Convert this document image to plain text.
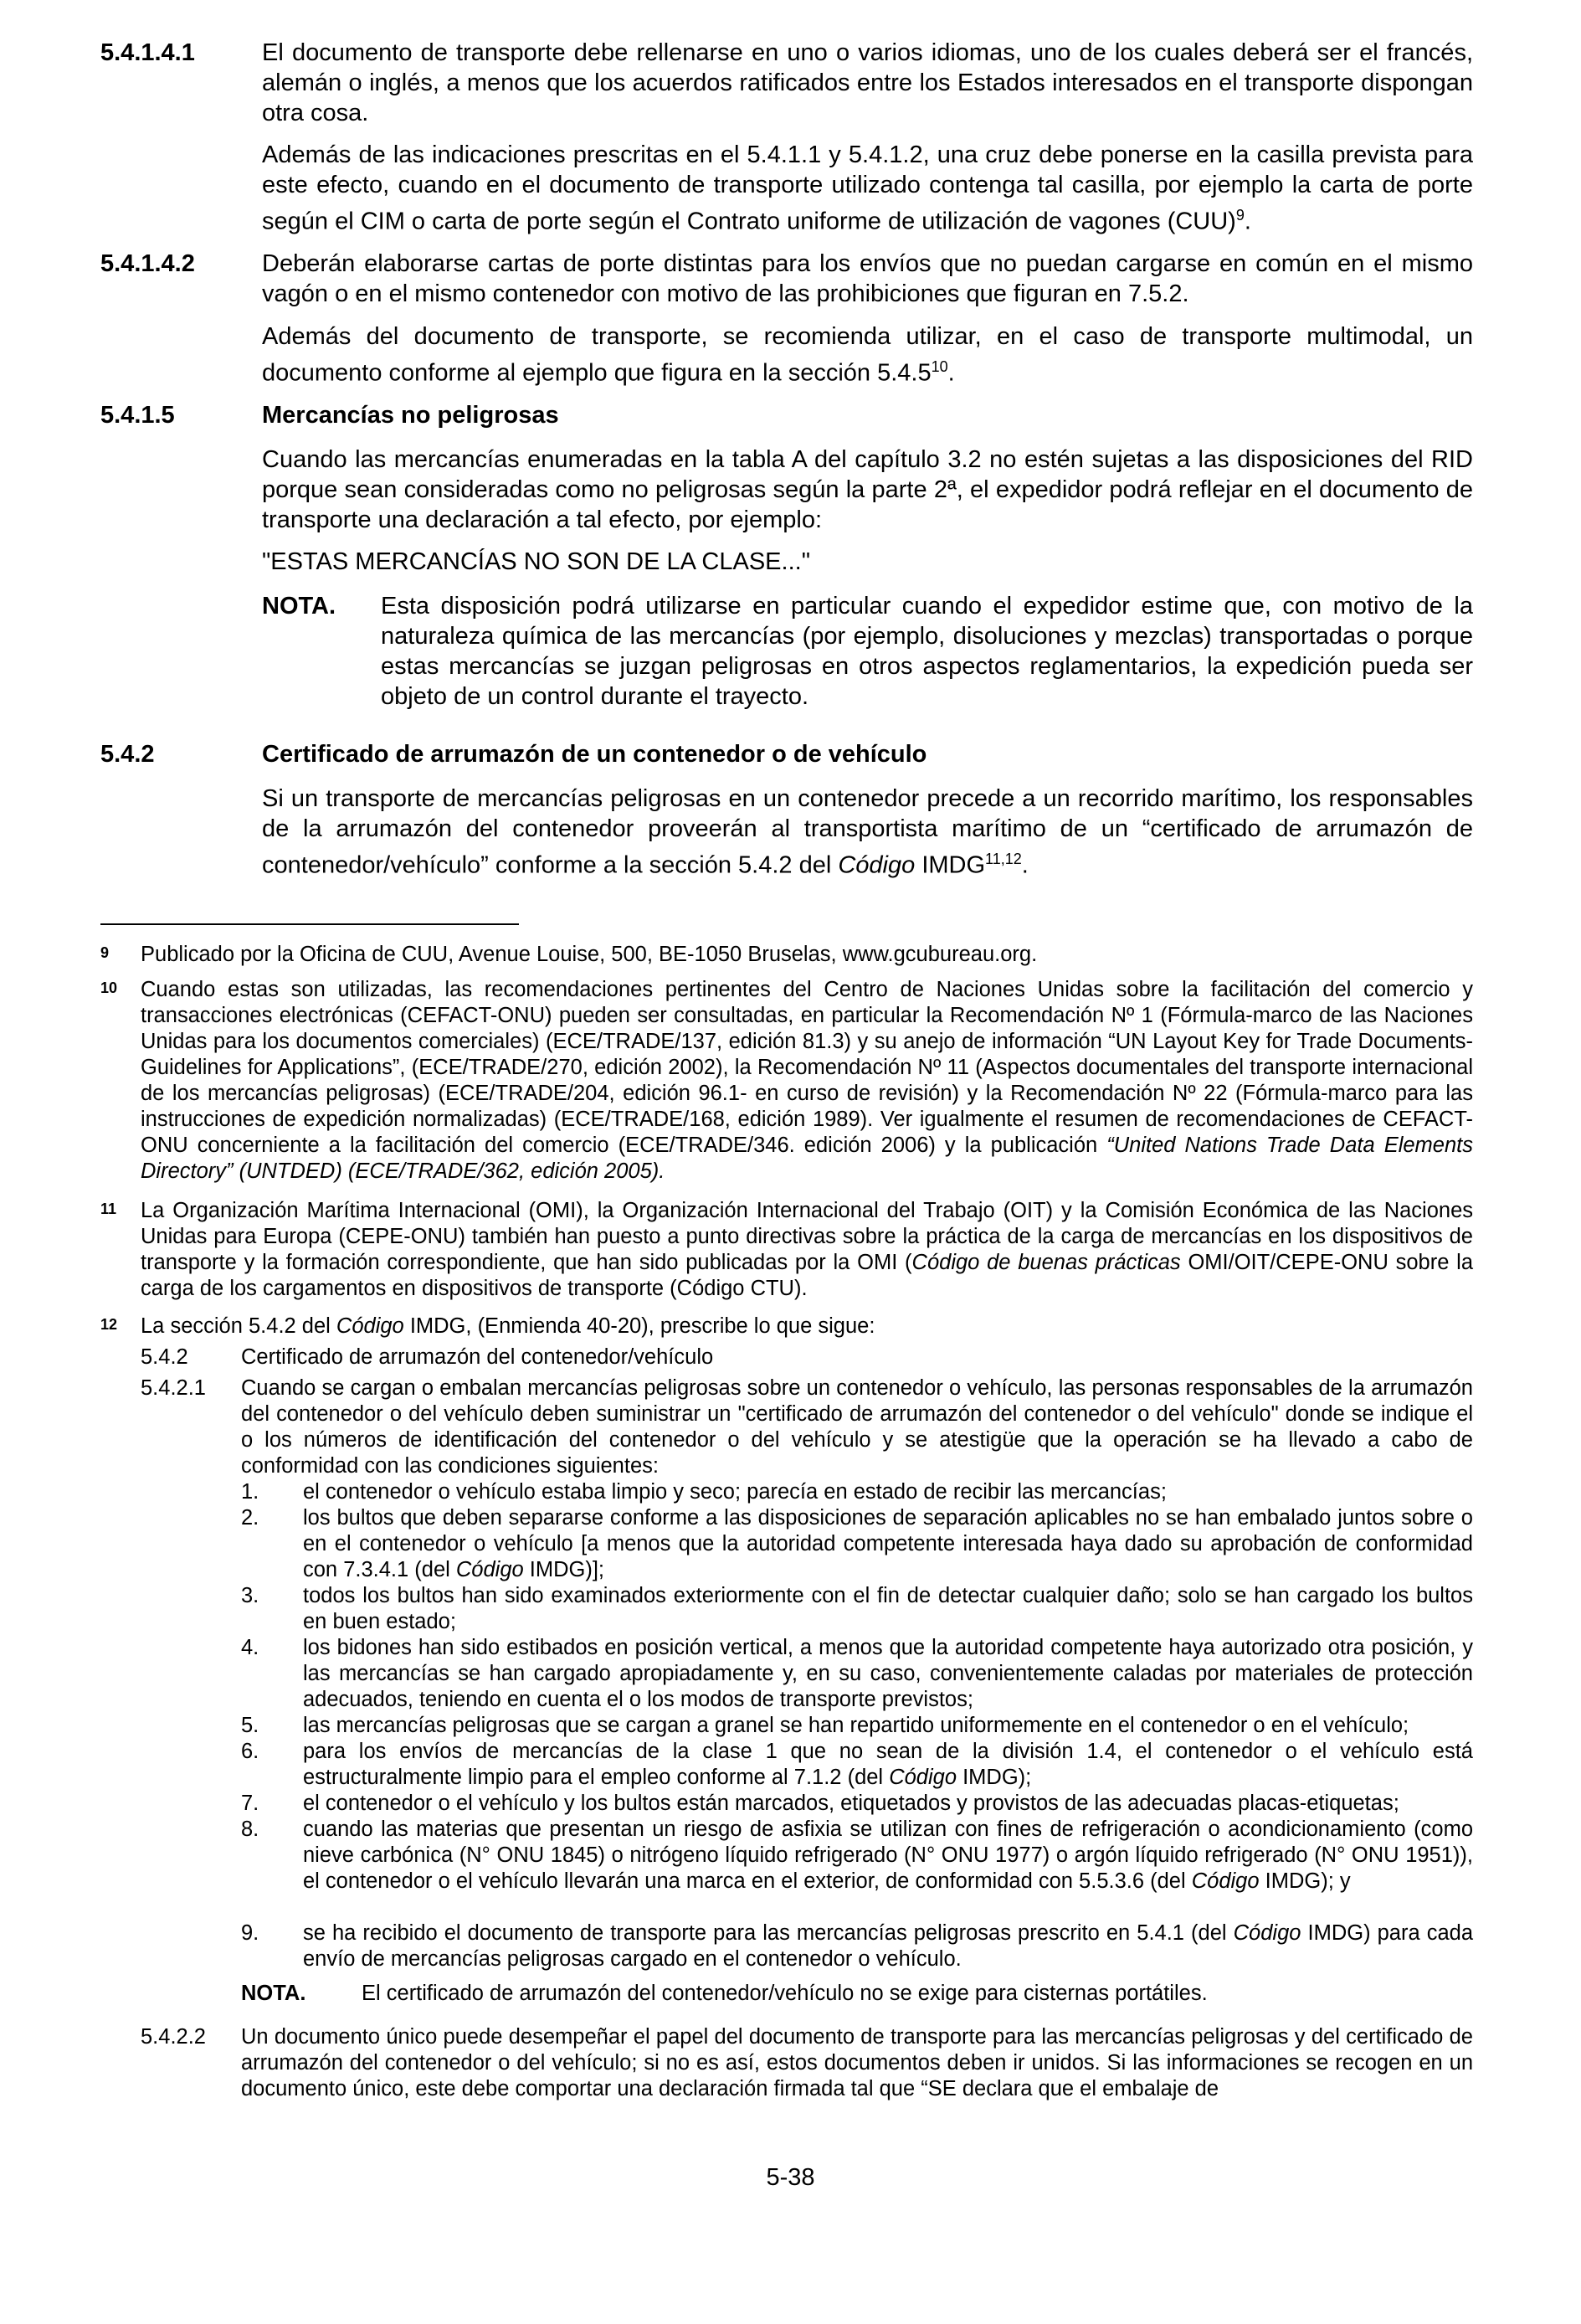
5.4.1.4.1	El documento de transporte debe rellenarse en uno o varios idiomas, uno de los cuales deberá ser el francés, alemán o inglés, a menos que los acuerdos ratificados entre los Estados interesados en el transporte dispongan otra cosa.

Además de las indicaciones prescritas en el 5.4.1.1 y 5.4.1.2, una cruz debe ponerse en la casilla prevista para este efecto, cuando en el documento de transporte utilizado contenga tal casilla, por ejemplo la carta de porte según el CIM o carta de porte según el Contrato uniforme de utilización de vagones (CUU)$^9$.

5.4.1.4.2	Deberán elaborarse cartas de porte distintas para los envíos que no puedan cargarse en común en el mismo vagón o en el mismo contenedor con motivo de las prohibiciones que figuran en 7.5.2.

Además del documento de transporte, se recomienda utilizar, en el caso de transporte multimodal, un documento conforme al ejemplo que figura en la sección 5.4.5$^{10}$.

5.4.1.5	Mercancías no peligrosas

Cuando las mercancías enumeradas en la tabla A del capítulo 3.2 no estén sujetas a las disposiciones del RID porque sean consideradas como no peligrosas según la parte 2ª, el expedidor podrá reflejar en el documento de transporte una declaración a tal efecto, por ejemplo:

"ESTAS MERCANCÍAS NO SON DE LA CLASE..."

NOTA. Esta disposición podrá utilizarse en particular cuando el expedidor estime que, con motivo de la naturaleza química de las mercancías (por ejemplo, disoluciones y mezclas) transportadas o porque estas mercancías se juzgan peligrosas en otros aspectos reglamentarios, la expedición pueda ser objeto de un control durante el trayecto.

5.4.2	Certificado de arrumazón de un contenedor o de vehículo

Si un transporte de mercancías peligrosas en un contenedor precede a un recorrido marítimo, los responsables de la arrumazón del contenedor proveerán al transportista marítimo de un “certificado de arrumazón de contenedor/vehículo” conforme a la sección 5.4.2 del Código IMDG$^{11,12}$.

9 Publicado por la Oficina de CUU, Avenue Louise, 500, BE-1050 Bruselas, www.gcubureau.org.

10 Cuando estas son utilizadas, las recomendaciones pertinentes del Centro de Naciones Unidas sobre la facilitación del comercio y transacciones electrónicas (CEFACT-ONU) pueden ser consultadas, en particular la Recomendación Nº 1 (Fórmula-marco de las Naciones Unidas para los documentos comerciales) (ECE/TRADE/137, edición 81.3) y su anejo de información “UN Layout Key for Trade Documents- Guidelines for Applications”, (ECE/TRADE/270, edición 2002), la Recomendación Nº 11 (Aspectos documentales del transporte internacional de los mercancías peligrosas) (ECE/TRADE/204, edición 96.1- en curso de revisión) y la Recomendación Nº 22 (Fórmula-marco para las instrucciones de expedición normalizadas) (ECE/TRADE/168, edición 1989). Ver igualmente el resumen de recomendaciones de CEFACT-ONU concerniente a la facilitación del comercio (ECE/TRADE/346. edición 2006) y la publicación “United Nations Trade Data Elements Directory” (UNTDED) (ECE/TRADE/362, edición 2005).

11 La Organización Marítima Internacional (OMI), la Organización Internacional del Trabajo (OIT) y la Comisión Económica de las Naciones Unidas para Europa (CEPE-ONU) también han puesto a punto directivas sobre la práctica de la carga de mercancías en los dispositivos de transporte y la formación correspondiente, que han sido publicadas por la OMI (Código de buenas prácticas OMI/OIT/CEPE-ONU sobre la carga de los cargamentos en dispositivos de transporte (Código CTU).

12 La sección 5.4.2 del Código IMDG, (Enmienda 40-20), prescribe lo que sigue:

5.4.2 Certificado de arrumazón del contenedor/vehículo

5.4.2.1 Cuando se cargan o embalan mercancías peligrosas sobre un contenedor o vehículo, las personas responsables de la arrumazón del contenedor o del vehículo deben suministrar un "certificado de arrumazón del contenedor o del vehículo" donde se indique el o los números de identificación del contenedor o del vehículo y se atestigüe que la operación se ha llevado a cabo de conformidad con las condiciones siguientes:

1. el contenedor o vehículo estaba limpio y seco; parecía en estado de recibir las mercancías;

2. los bultos que deben separarse conforme a las disposiciones de separación aplicables no se han embalado juntos sobre o en el contenedor o vehículo [a menos que la autoridad competente interesada haya dado su aprobación de conformidad con 7.3.4.1 (del Código IMDG)];

3. todos los bultos han sido examinados exteriormente con el fin de detectar cualquier daño; solo se han cargado los bultos en buen estado;

4. los bidones han sido estibados en posición vertical, a menos que la autoridad competente haya autorizado otra posición, y las mercancías se han cargado apropiadamente y, en su caso, convenientemente caladas por materiales de protección adecuados, teniendo en cuenta el o los modos de transporte previstos;

5. las mercancías peligrosas que se cargan a granel se han repartido uniformemente en el contenedor o en el vehículo;

6. para los envíos de mercancías de la clase 1 que no sean de la división 1.4, el contenedor o el vehículo está estructuralmente limpio para el empleo conforme al 7.1.2 (del Código IMDG);

7. el contenedor o el vehículo y los bultos están marcados, etiquetados y provistos de las adecuadas placas-etiquetas;

8. cuando las materias que presentan un riesgo de asfixia se utilizan con fines de refrigeración o acondicionamiento (como nieve carbónica (N° ONU 1845) o nitrógeno líquido refrigerado (N° ONU 1977) o argón líquido refrigerado (N° ONU 1951)), el contenedor o el vehículo llevarán una marca en el exterior, de conformidad con 5.5.3.6 (del Código IMDG); y

9. se ha recibido el documento de transporte para las mercancías peligrosas prescrito en 5.4.1 (del Código IMDG) para cada envío de mercancías peligrosas cargado en el contenedor o vehículo.

NOTA.	El certificado de arrumazón del contenedor/vehículo no se exige para cisternas portátiles.

5.4.2.2 Un documento único puede desempeñar el papel del documento de transporte para las mercancías peligrosas y del certificado de arrumazón del contenedor o del vehículo; si no es así, estos documentos deben ir unidos. Si las informaciones se recogen en un documento único, este debe comportar una declaración firmada tal que “SE declara que el embalaje de

5-38
